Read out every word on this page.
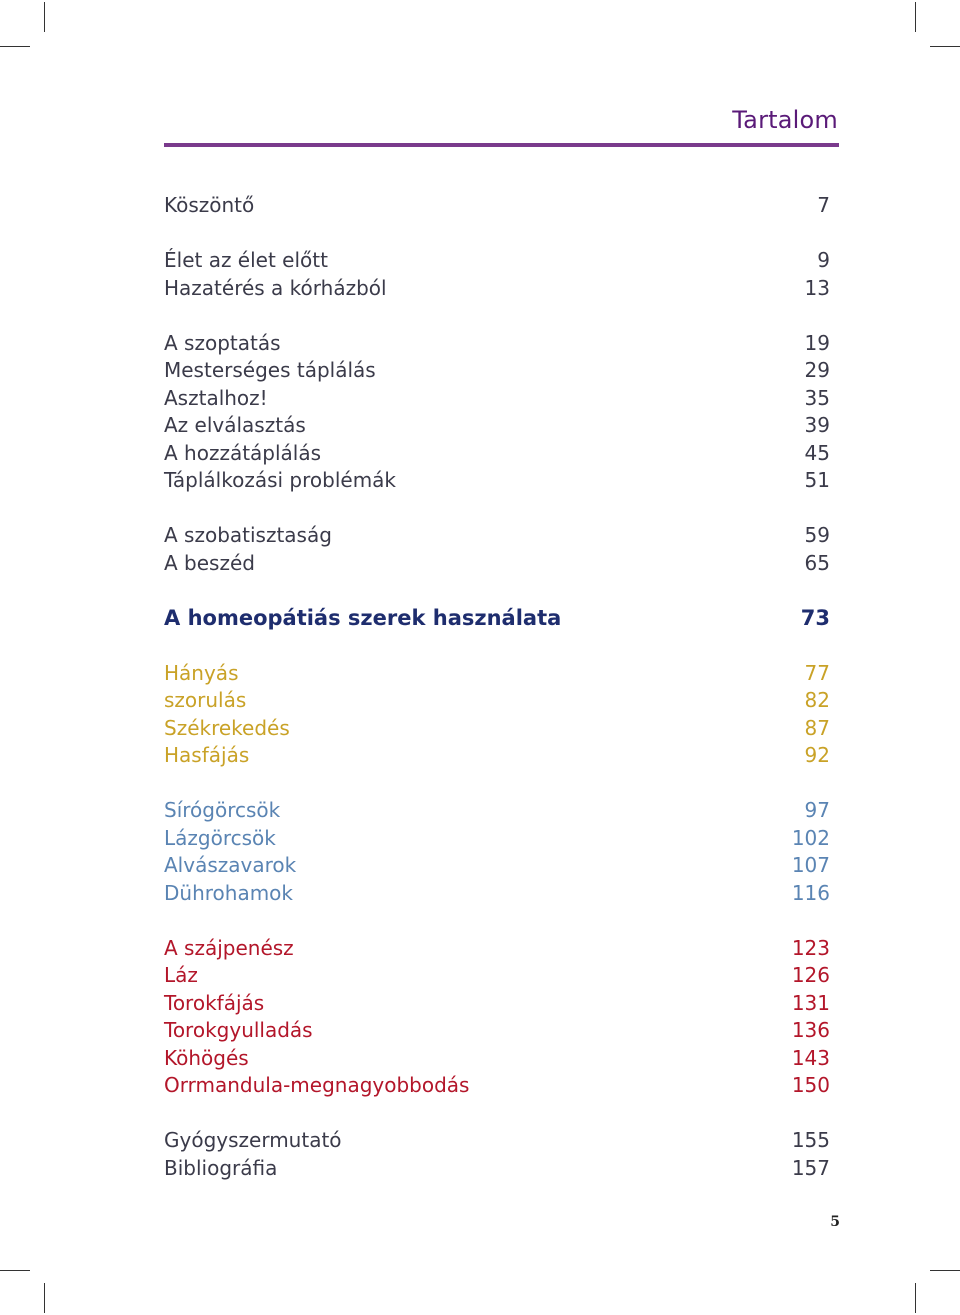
Tartalom
Köszöntő	7
Élet az élet előtt	9
Hazatérés a kórházból	13
A szoptatás	19
Mesterséges táplálás	29
Asztalhoz!	35
Az elválasztás	39
A hozzátáplálás	45
Táplálkozási problémák	51
A szobatisztaság	59
A beszéd	65
A homeopátiás szerek használata	73
Hányás	77
szorulás	82
Székrekedés	87
Hasfájás	92
Sírógörcsök	97
Lázgörcsök	102
Alvászavarok	107
Dührohamok	116
A szájpenész	123
Láz	126
Torokfájás	131
Torokgyulladás	136
Köhögés	143
Orrmandula-megnagyobbodás	150
Gyógyszermutató	155
Bibliográfia	157
5
